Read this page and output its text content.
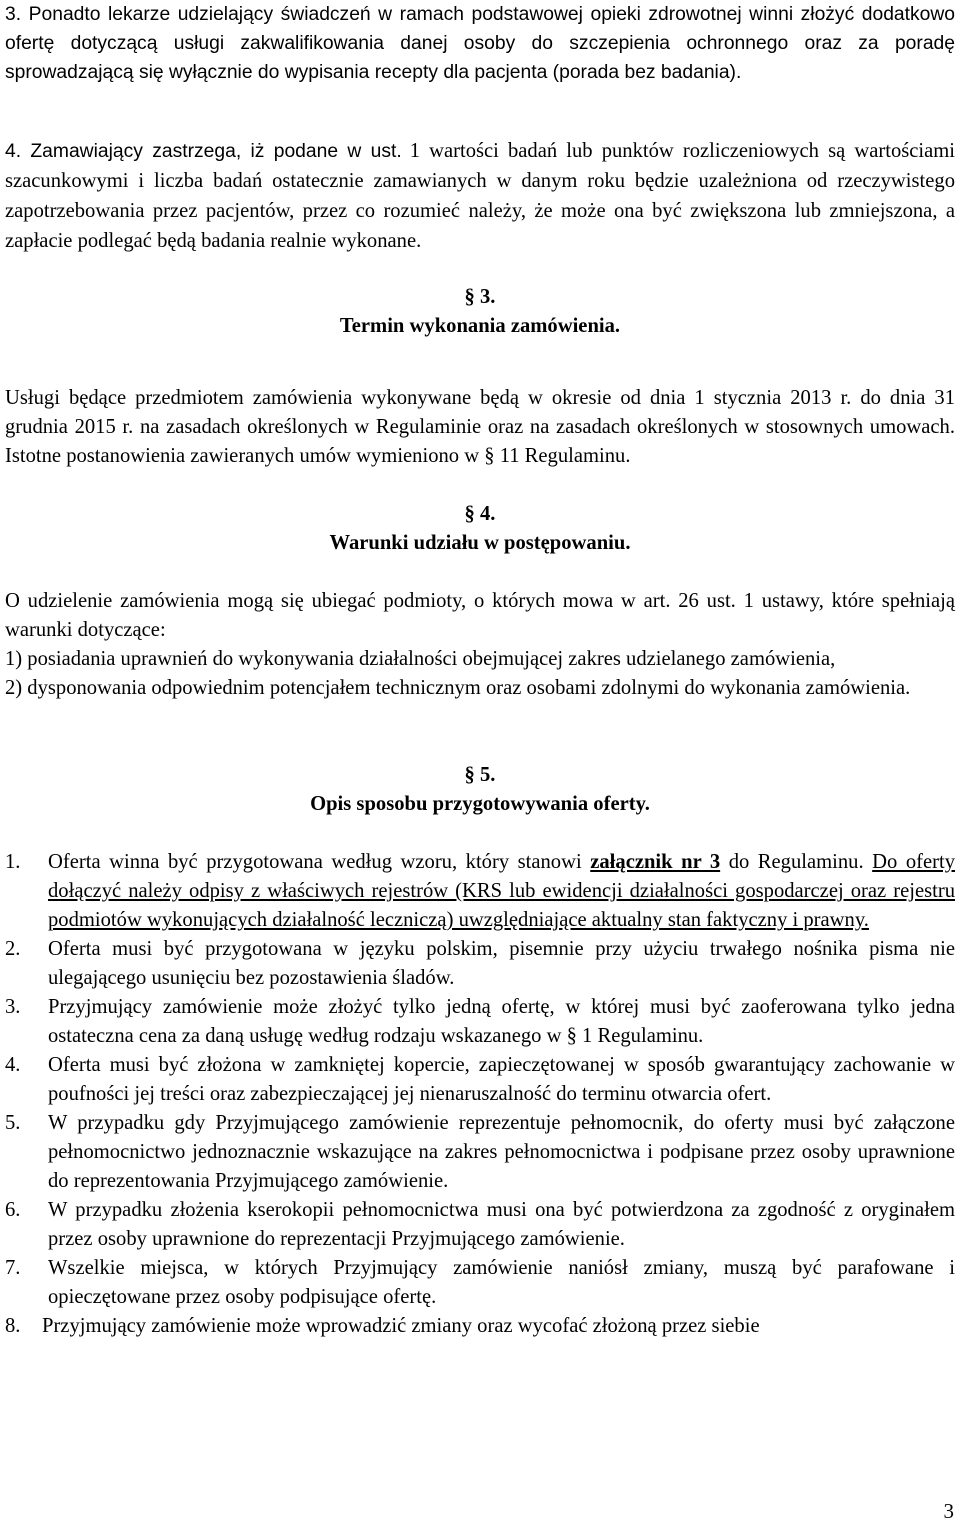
3. Ponadto lekarze udzielający świadczeń w ramach podstawowej opieki zdrowotnej winni złożyć dodatkowo ofertę dotyczącą usługi zakwalifikowania danej osoby do szczepienia ochronnego oraz za poradę sprowadzającą się wyłącznie do wypisania recepty dla pacjenta (porada bez badania).
4. Zamawiający zastrzega, iż podane w ust. 1 wartości badań lub punktów rozliczeniowych są wartościami szacunkowymi i liczba badań ostatecznie zamawianych w danym roku będzie uzależniona od rzeczywistego zapotrzebowania przez pacjentów, przez co rozumieć należy, że może ona być zwiększona lub zmniejszona, a zapłacie podlegać będą badania realnie wykonane.
§ 3.
Termin wykonania zamówienia.
Usługi będące przedmiotem zamówienia wykonywane będą w okresie od dnia 1 stycznia 2013 r. do dnia 31 grudnia 2015 r. na zasadach określonych w Regulaminie oraz na zasadach określonych w stosownych umowach. Istotne postanowienia zawieranych umów wymieniono w § 11 Regulaminu.
§ 4.
Warunki udziału w postępowaniu.

O udzielenie zamówienia mogą się ubiegać podmioty, o których mowa w art. 26 ust. 1 ustawy, które spełniają warunki dotyczące:

1) posiadania uprawnień do wykonywania działalności obejmującej zakres udzielanego zamówienia,
2) dysponowania odpowiednim potencjałem technicznym oraz osobami zdolnymi do wykonania zamówienia.
§ 5.
Opis sposobu przygotowywania oferty.
1. Oferta winna być przygotowana według wzoru, który stanowi załącznik nr 3 do Regulaminu. Do oferty dołączyć należy odpisy z właściwych rejestrów (KRS lub ewidencji działalności gospodarczej oraz rejestru podmiotów wykonujących działalność leczniczą) uwzględniające aktualny stan faktyczny i prawny.
2. Oferta musi być przygotowana w języku polskim, pisemnie przy użyciu trwałego nośnika pisma nie ulegającego usunięciu bez pozostawienia śladów.
3. Przyjmujący zamówienie może złożyć tylko jedną ofertę, w której musi być zaoferowana tylko jedna ostateczna cena za daną usługę według rodzaju wskazanego w § 1 Regulaminu.
4. Oferta musi być złożona w zamkniętej kopercie, zapieczętowanej w sposób gwarantujący zachowanie w poufności jej treści oraz zabezpieczającej jej nienaruszalność do terminu otwarcia ofert.
5. W przypadku gdy Przyjmującego zamówienie reprezentuje pełnomocnik, do oferty musi być załączone pełnomocnictwo jednoznacznie wskazujące na zakres pełnomocnictwa i podpisane przez osoby uprawnione do reprezentowania Przyjmującego zamówienie.
6. W przypadku złożenia kserokopii pełnomocnictwa musi ona być potwierdzona za zgodność z oryginałem przez osoby uprawnione do reprezentacji Przyjmującego zamówienie.
7. Wszelkie miejsca, w których Przyjmujący zamówienie naniósł zmiany, muszą być parafowane i opieczętowane przez osoby podpisujące ofertę.
8. Przyjmujący zamówienie może wprowadzić zmiany oraz wycofać złożoną przez siebie
3
